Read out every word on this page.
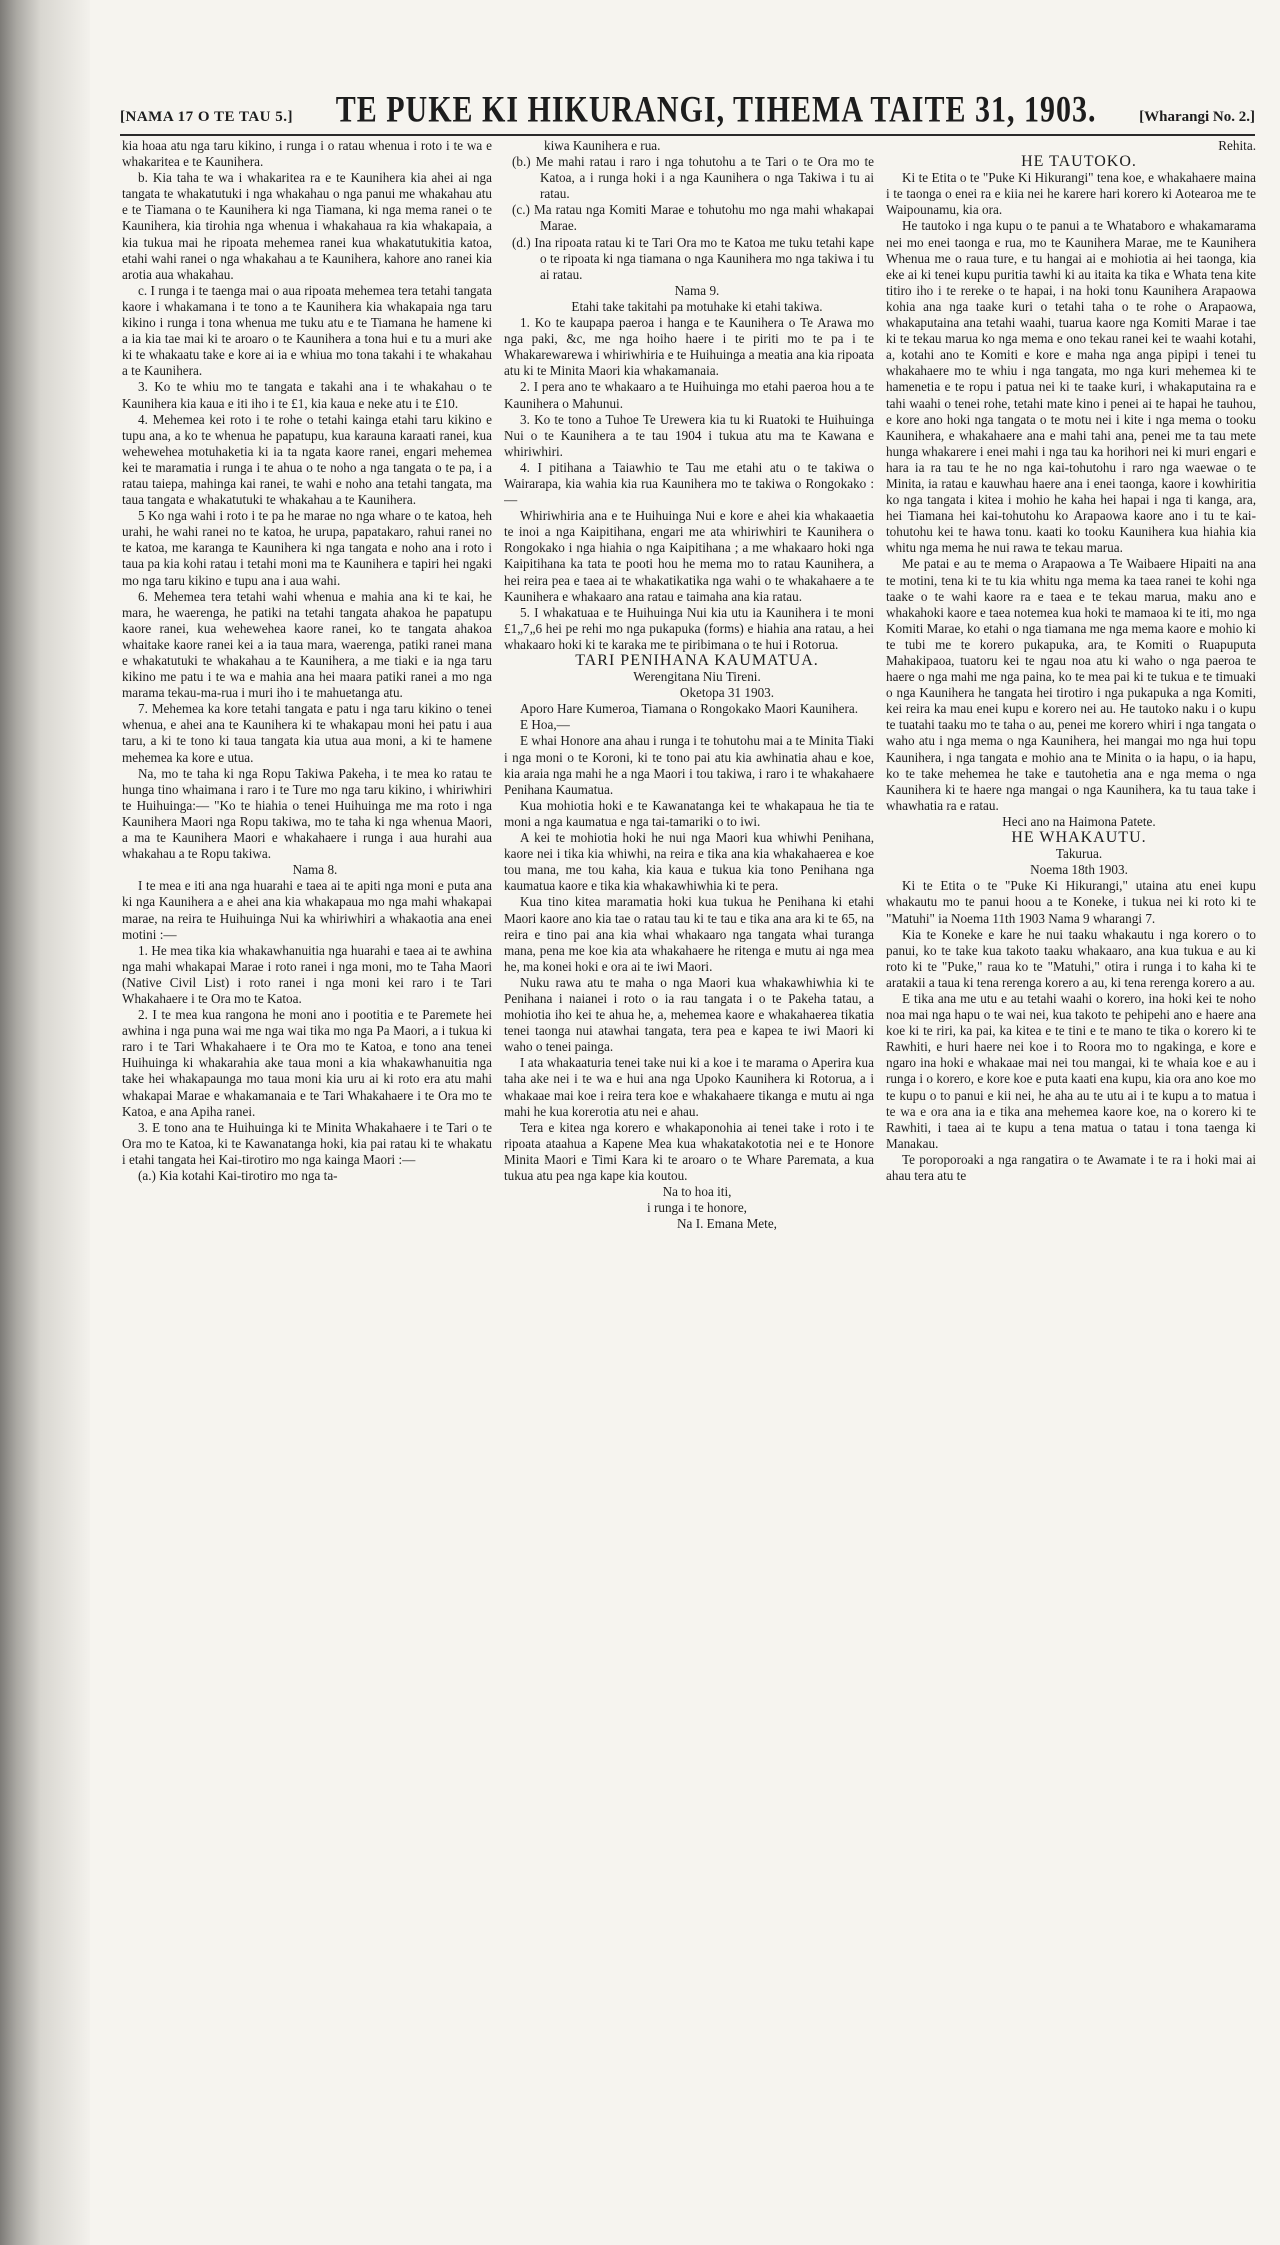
[NAMA 17 O TE TAU 5.] TE PUKE KI HIKURANGI, TIHEMA TAITE 31, 1903.	[Wharangi No. 2.]

kia hoaa atu nga taru kikino, i runga i o ratau whenua i roto i te wa e whakaritea e te Kaunihera.

b. Kia taha te wa i whakaritea ra e te Kaunihera kia ahei ai nga tangata te whakatutuki i nga whakahau o nga panui me whakahau atu e te Tiamana o te Kaunihera ki nga Tiamana, ki nga mema ranei o te Kaunihera, kia tirohia nga whenua i whakahaua ra kia whakapaia, a kia tukua mai he ripoata mehemea ranei kua whakatutukitia katoa, etahi wahi ranei o nga whakahau a te Kaunihera, kahore ano ranei kia arotia aua whakahau.

c. I runga i te taenga mai o aua ripoata mehemea tera tetahi tangata kaore i whakamana i te tono a te Kaunihera kia whakapaia nga taru kikino i runga i tona whenua me tuku atu e te Tiamana he hamene ki a ia kia tae mai ki te aroaro o te Kaunihera a tona hui e tu a muri ake ki te whakaatu take e kore ai ia e whiua mo tona takahi i te whakahau a te Kaunihera.

3. Ko te whiu mo te tangata e takahi ana i te whakahau o te Kaunihera kia kaua e iti iho i te £1, kia kaua e neke atu i te £10.

4. Mehemea kei roto i te rohe o tetahi kainga etahi taru kikino e tupu ana, a ko te whenua he papatupu, kua karauna karaati ranei, kua wehewehea motuhaketia ki ia ta ngata kaore ranei, engari mehemea kei te maramatia i runga i te ahua o te noho a nga tangata o te pa, i a ratau taiepa, mahinga kai ranei, te wahi e noho ana tetahi tangata, ma taua tangata e whakatutuki te whakahau a te Kaunihera.

5 Ko nga wahi i roto i te pa he marae no nga whare o te katoa, heh urahi, he wahi ranei no te katoa, he urupa, papatakaro, rahui ranei no te katoa, me karanga te Kaunihera ki nga tangata e noho ana i roto i taua pa kia kohi ratau i tetahi moni ma te Kaunihera e tapiri hei ngaki mo nga taru kikino e tupu ana i aua wahi.

6. Mehemea tera tetahi wahi whenua e mahia ana ki te kai, he mara, he waerenga, he patiki na tetahi tangata ahakoa he papatupu kaore ranei, kua wehewehea kaore ranei, ko te tangata ahakoa whaitake kaore ranei kei a ia taua mara, waerenga, patiki ranei mana e whakatutuki te whakahau a te Kaunihera, a me tiaki e ia nga taru kikino me patu i te wa e mahia ana hei maara patiki ranei a mo nga marama tekau-ma-rua i muri iho i te mahuetanga atu.

7. Mehemea ka kore tetahi tangata e patu i nga taru kikino o tenei whenua, e ahei ana te Kaunihera ki te whakapau moni hei patu i aua taru, a ki te tono ki taua tangata kia utua aua moni, a ki te hamene mehemea ka kore e utua.

Na, mo te taha ki nga Ropu Takiwa Pakeha, i te mea ko ratau te hunga tino whaimana i raro i te Ture mo nga taru kikino, i whiriwhiri te Huihuinga:— "Ko te hiahia o tenei Huihuinga me ma roto i nga Kaunihera Maori nga Ropu takiwa, mo te taha ki nga whenua Maori, a ma te Kaunihera Maori e whakahaere i runga i aua hurahi aua whakahau a te Ropu takiwa.

Nama 8.

I te mea e iti ana nga huarahi e taea ai te apiti nga moni e puta ana ki nga Kaunihera a e ahei ana kia whakapaua mo nga mahi whakapai marae, na reira te Huihuinga Nui ka whiriwhiri a whakaotia ana enei motini :—

1. He mea tika kia whakawhanuitia nga huarahi e taea ai te awhina nga mahi whakapai Marae i roto ranei i nga moni, mo te Taha Maori (Native Civil List) i roto ranei i nga moni kei raro i te Tari Whakahaere i te Ora mo te Katoa.

2. I te mea kua rangona he moni ano i pootitia e te Paremete hei awhina i nga puna wai me nga wai tika mo nga Pa Maori, a i tukua ki raro i te Tari Whakahaere i te Ora mo te Katoa, e tono ana tenei Huihuinga ki whakarahia ake taua moni a kia whakawhanuitia nga take hei whakapaunga mo taua moni kia uru ai ki roto era atu mahi whakapai Marae e whakamanaia e te Tari Whakahaere i te Ora mo te Katoa, e ana Apiha ranei.

3. E tono ana te Huihuinga ki te Minita Whakahaere i te Tari o te Ora mo te Katoa, ki te Kawanatanga hoki, kia pai ratau ki te whakatu i etahi tangata hei Kai-tirotiro mo nga kainga Maori :—

(a.) Kia kotahi Kai-tirotiro mo nga ta-

kiwa Kaunihera e rua.

(b.) Me mahi ratau i raro i nga tohutohu a te Tari o te Ora mo te Katoa, a i runga hoki i a nga Kaunihera o nga Takiwa i tu ai ratau.

(c.) Ma ratau nga Komiti Marae e tohutohu mo nga mahi whakapai Marae.

(d.) Ina ripoata ratau ki te Tari Ora mo te Katoa me tuku tetahi kape o te ripoata ki nga tiamana o nga Kaunihera mo nga takiwa i tu ai ratau.

Nama 9.

Etahi take takitahi pa motuhake ki etahi takiwa.

1. Ko te kaupapa paeroa i hanga e te Kaunihera o Te Arawa mo nga paki, &c, me nga hoiho haere i te piriti mo te pa i te Whakarewarewa i whiriwhiria e te Huihuinga a meatia ana kia ripoata atu ki te Minita Maori kia whakamanaia.

2. I pera ano te whakaaro a te Huihuinga mo etahi paeroa hou a te Kaunihera o Mahunui.

3. Ko te tono a Tuhoe Te Urewera kia tu ki Ruatoki te Huihuinga Nui o te Kaunihera a te tau 1904 i tukua atu ma te Kawana e whiriwhiri.

4. I pitihana a Taiawhio te Tau me etahi atu o te takiwa o Wairarapa, kia wahia kia rua Kaunihera mo te takiwa o Rongokako :—

Whiriwhiria ana e te Huihuinga Nui e kore e ahei kia whakaaetia te inoi a nga Kaipitihana, engari me ata whiriwhiri te Kaunihera o Rongokako i nga hiahia o nga Kaipitihana ; a me whakaaro hoki nga Kaipitihana ka tata te pooti hou he mema mo to ratau Kaunihera, a hei reira pea e taea ai te whakatikatika nga wahi o te whakahaere a te Kaunihera e whakaaro ana ratau e taimaha ana kia ratau.

5. I whakatuaa e te Huihuinga Nui kia utu ia Kaunihera i te moni £1„7„6 hei pe rehi mo nga pukapuka (forms) e hiahia ana ratau, a hei whakaaro hoki ki te karaka me te piribimana o te hui i Rotorua.

TARI PENIHANA KAUMATUA.

Werengitana Niu Tireni.

Oketopa 31 1903.

Aporo Hare Kumeroa, Tiamana o Rongokako Maori Kaunihera.

E Hoa,—

E whai Honore ana ahau i runga i te tohutohu mai a te Minita Tiaki i nga moni o te Koroni, ki te tono pai atu kia awhinatia ahau e koe, kia araia nga mahi he a nga Maori i tou takiwa, i raro i te whakahaere Penihana Kaumatua.

Kua mohiotia hoki e te Kawanatanga kei te whakapaua he tia te moni a nga kaumatua e nga tai-tamariki o to iwi.

A kei te mohiotia hoki he nui nga Maori kua whiwhi Penihana, kaore nei i tika kia whiwhi, na reira e tika ana kia whakahaerea e koe tou mana, me tou kaha, kia kaua e tukua kia tono Penihana nga kaumatua kaore e tika kia whakawhiwhia ki te pera.

Kua tino kitea maramatia hoki kua tukua he Penihana ki etahi Maori kaore ano kia tae o ratau tau ki te tau e tika ana ara ki te 65, na reira e tino pai ana kia whai whakaaro nga tangata whai turanga mana, pena me koe kia ata whakahaere he ritenga e mutu ai nga mea he, ma konei hoki e ora ai te iwi Maori.

Nuku rawa atu te maha o nga Maori kua whakawhiwhia ki te Penihana i naianei i roto o ia rau tangata i o te Pakeha tatau, a mohiotia iho kei te ahua he, a, mehemea kaore e whakahaerea tikatia tenei taonga nui atawhai tangata, tera pea e kapea te iwi Maori ki waho o tenei painga.

I ata whakaaturia tenei take nui ki a koe i te marama o Aperira kua taha ake nei i te wa e hui ana nga Upoko Kaunihera ki Rotorua, a i whakaae mai koe i reira tera koe e whakahaere tikanga e mutu ai nga mahi he kua korerotia atu nei e ahau.

Tera e kitea nga korero e whakaponohia ai tenei take i roto i te ripoata ataahua a Kapene Mea kua whakatakototia nei e te Honore Minita Maori e Timi Kara ki te aroaro o te Whare Paremata, a kua tukua atu pea nga kape kia koutou.

Na to hoa iti,

i runga i te honore,

Na I. Emana Mete,

Rehita.

HE TAUTOKO.

Ki te Etita o te "Puke Ki Hikurangi" tena koe, e whakahaere maina i te taonga o enei ra e kiia nei he karere hari korero ki Aotearoa me te Waipounamu, kia ora.

He tautoko i nga kupu o te panui a te Whataboro e whakamarama nei mo enei taonga e rua, mo te Kaunihera Marae, me te Kaunihera Whenua me o raua ture, e tu hangai ai e mohiotia ai hei taonga, kia eke ai ki tenei kupu puritia tawhi ki au itaita ka tika e Whata tena kite titiro iho i te rereke o te hapai, i na hoki tonu Kaunihera Arapaowa kohia ana nga taake kuri o tetahi taha o te rohe o Arapaowa, whakaputaina ana tetahi waahi, tuarua kaore nga Komiti Marae i tae ki te tekau marua ko nga mema e ono tekau ranei kei te waahi kotahi, a, kotahi ano te Komiti e kore e maha nga anga pipipi i tenei tu whakahaere mo te whiu i nga tangata, mo nga kuri mehemea ki te hamenetia e te ropu i patua nei ki te taake kuri, i whakaputaina ra e tahi waahi o tenei rohe, tetahi mate kino i penei ai te hapai he tauhou, e kore ano hoki nga tangata o te motu nei i kite i nga mema o tooku Kaunihera, e whakahaere ana e mahi tahi ana, penei me ta tau mete hunga whakarere i enei mahi i nga tau ka horihori nei ki muri engari e hara ia ra tau te he no nga kai-tohutohu i raro nga waewae o te Minita, ia ratau e kauwhau haere ana i enei taonga, kaore i kowhiritia ko nga tangata i kitea i mohio he kaha hei hapai i nga ti kanga, ara, hei Tiamana hei kai-tohutohu ko Arapaowa kaore ano i tu te kai-tohutohu kei te hawa tonu. kaati ko tooku Kaunihera kua hiahia kia whitu nga mema he nui rawa te tekau marua.

Me patai e au te mema o Arapaowa a Te Waibaere Hipaiti na ana te motini, tena ki te tu kia whitu nga mema ka taea ranei te kohi nga taake o te wahi kaore ra e taea e te tekau marua, maku ano e whakahoki kaore e taea notemea kua hoki te mamaoa ki te iti, mo nga Komiti Marae, ko etahi o nga tiamana me nga mema kaore e mohio ki te tubi me te korero pukapuka, ara, te Komiti o Ruapuputa Mahakipaoa, tuatoru kei te ngau noa atu ki waho o nga paeroa te haere o nga mahi me nga paina, ko te mea pai ki te tukua e te timuaki o nga Kaunihera he tangata hei tirotiro i nga pukapuka a nga Komiti, kei reira ka mau enei kupu e korero nei au. He tautoko naku i o kupu te tuatahi taaku mo te taha o au, penei me korero whiri i nga tangata o waho atu i nga mema o nga Kaunihera, hei mangai mo nga hui topu Kaunihera, i nga tangata e mohio ana te Minita o ia hapu, o ia hapu, ko te take mehemea he take e tautohetia ana e nga mema o nga Kaunihera ki te haere nga mangai o nga Kaunihera, ka tu taua take i whawhatia ra e ratau.

Heci ano na Haimona Patete.

HE WHAKAUTU.

Takurua.

Noema 18th 1903.

Ki te Etita o te "Puke Ki Hikurangi," utaina atu enei kupu whakautu mo te panui hoou a te Koneke, i tukua nei ki roto ki te "Matuhi" ia Noema 11th 1903 Nama 9 wharangi 7.

Kia te Koneke e kare he nui taaku whakautu i nga korero o to panui, ko te take kua takoto taaku whakaaro, ana kua tukua e au ki roto ki te "Puke," raua ko te "Matuhi," otira i runga i to kaha ki te aratakii a taua ki tena rerenga korero a au, ki tena rerenga korero a au.

E tika ana me utu e au tetahi waahi o korero, ina hoki kei te noho noa mai nga hapu o te wai nei, kua takoto te pehipehi ano e haere ana koe ki te riri, ka pai, ka kitea e te tini e te mano te tika o korero ki te Rawhiti, e huri haere nei koe i to Roora mo to ngakinga, e kore e ngaro ina hoki e whakaae mai nei tou mangai, ki te whaia koe e au i runga i o korero, e kore koe e puta kaati ena kupu, kia ora ano koe mo te kupu o to panui e kii nei, he aha au te utu ai i te kupu a to matua i te wa e ora ana ia e tika ana mehemea kaore koe, na o korero ki te Rawhiti, i taea ai te kupu a tena matua o tatau i tona taenga ki Manakau.

Te poroporoaki a nga rangatira o te Awamate i te ra i hoki mai ai ahau tera atu te
